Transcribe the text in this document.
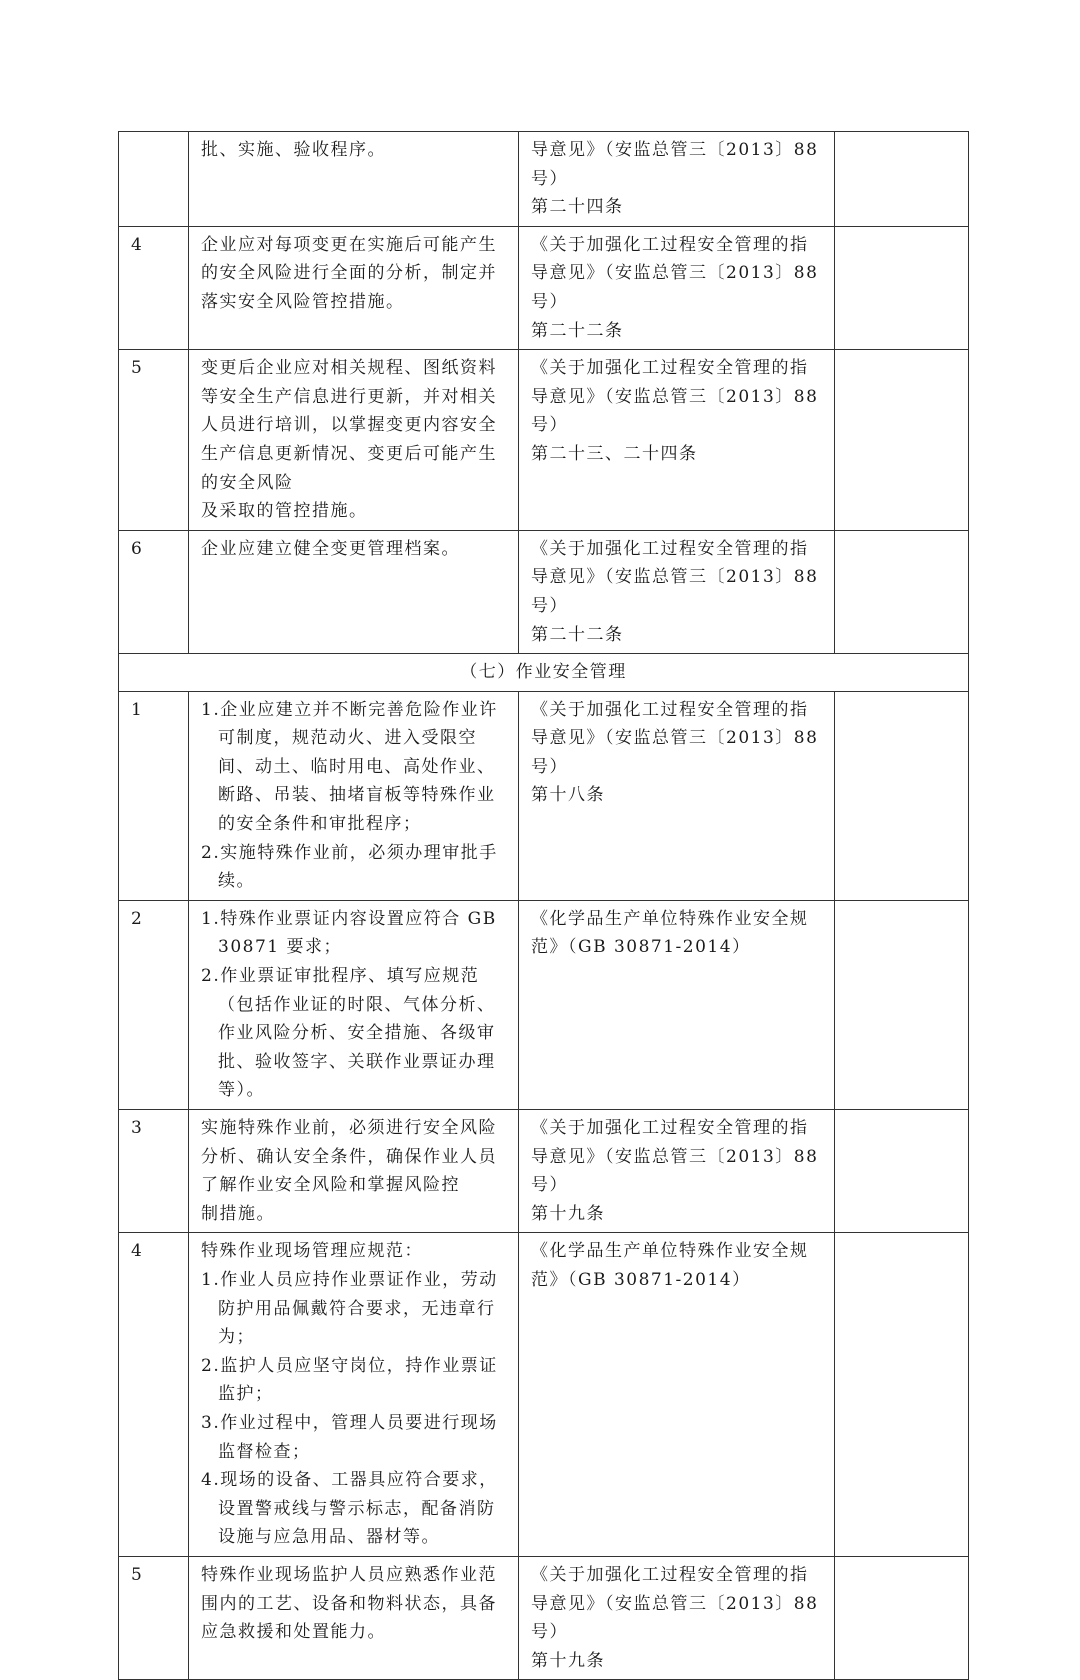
	批、实施、验收程序。	导意见》（安监总管三〔2013〕88 号）
第二十四条	

4	企业应对每项变更在实施后可能产生的安全风险进行全面的分析，制定并落实安全风险管控措施。	《关于加强化工过程安全管理的指导意见》（安监总管三〔2013〕88 号）
第二十二条	

5	变更后企业应对相关规程、图纸资料等安全生产信息进行更新，并对相关人员进行培训，以掌握变更内容安全生产信息更新情况、变更后可能产生的安全风险
及采取的管控措施。	《关于加强化工过程安全管理的指导意见》（安监总管三〔2013〕88 号）
第二十三、二十四条	

6	企业应建立健全变更管理档案。	《关于加强化工过程安全管理的指导意见》（安监总管三〔2013〕88 号）
第二十二条	

（七）作业安全管理			
1	1.企业应建立并不断完善危险作业许可制度，规范动火、进入受限空间、动土、临时用电、高处作业、断路、吊装、抽堵盲板等特殊作业的安全条件和审批程序；
2.实施特殊作业前，必须办理审批手续。	《关于加强化工过程安全管理的指导意见》（安监总管三〔2013〕88 号）
第十八条	

2	1.特殊作业票证内容设置应符合 GB 30871 要求；
2.作业票证审批程序、填写应规范（包括作业证的时限、气体分析、作业风险分析、安全措施、各级审批、验收签字、关联作业票证办理等）。	《化学品生产单位特殊作业安全规范》（GB 30871-2014）	

3	实施特殊作业前，必须进行安全风险分析、确认安全条件，确保作业人员了解作业安全风险和掌握风险控
制措施。	《关于加强化工过程安全管理的指导意见》（安监总管三〔2013〕88 号）
第十九条	

4	特殊作业现场管理应规范：
1.作业人员应持作业票证作业，劳动防护用品佩戴符合要求，无违章行为；
2.监护人员应坚守岗位，持作业票证监护；
3.作业过程中，管理人员要进行现场监督检查；
4.现场的设备、工器具应符合要求，设置警戒线与警示标志，配备消防设施与应急用品、器材等。	《化学品生产单位特殊作业安全规范》（GB 30871-2014）	

5	特殊作业现场监护人员应熟悉作业范围内的工艺、设备和物料状态，具备应急救援和处置能力。	《关于加强化工过程安全管理的指导意见》（安监总管三〔2013〕88 号）
第十九条	
